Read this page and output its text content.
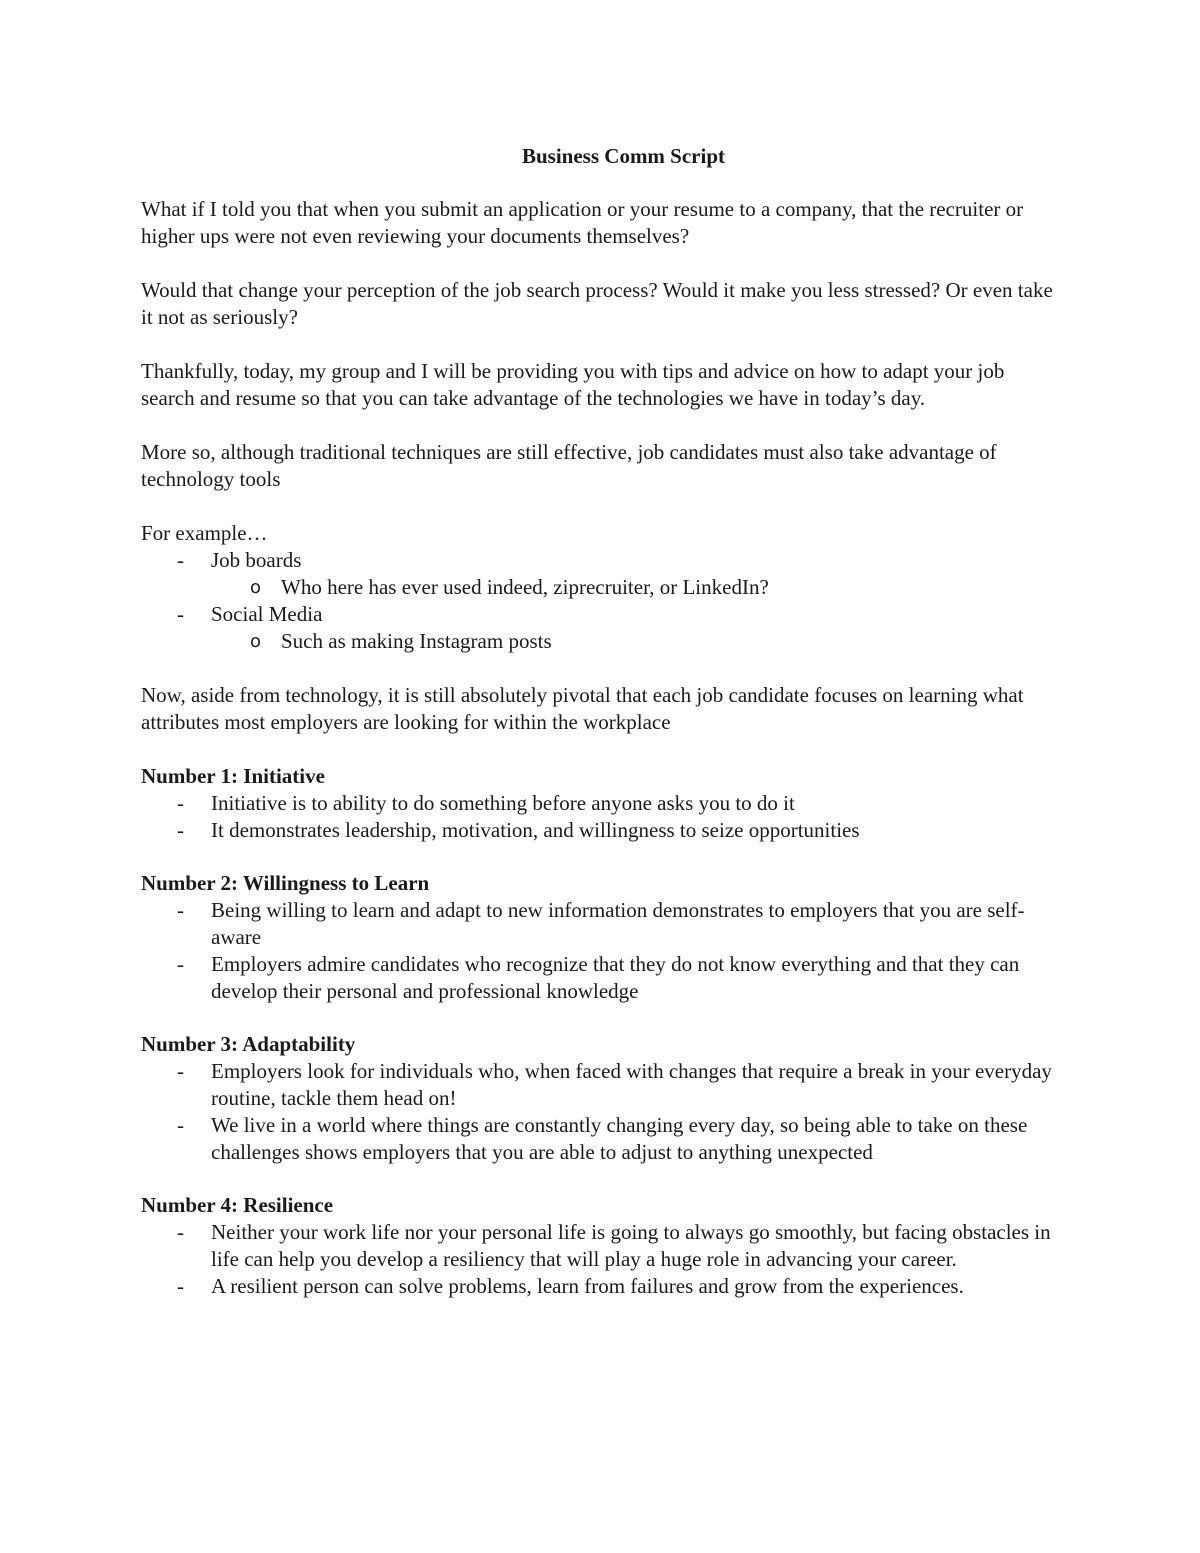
Business Comm Script

What if I told you that when you submit an application or your resume to a company, that the recruiter or higher ups were not even reviewing your documents themselves?

Would that change your perception of the job search process? Would it make you less stressed? Or even take it not as seriously?

Thankfully, today, my group and I will be providing you with tips and advice on how to adapt your job search and resume so that you can take advantage of the technologies we have in today’s day.

More so, although traditional techniques are still effective, job candidates must also take advantage of technology tools

For example…
- Job boards
o Who here has ever used indeed, ziprecruiter, or LinkedIn?
- Social Media
o Such as making Instagram posts

Now, aside from technology, it is still absolutely pivotal that each job candidate focuses on learning what attributes most employers are looking for within the workplace

Number 1: Initiative
- Initiative is to ability to do something before anyone asks you to do it
- It demonstrates leadership, motivation, and willingness to seize opportunities
Number 2: Willingness to Learn
- Being willing to learn and adapt to new information demonstrates to employers that you are self-aware
- Employers admire candidates who recognize that they do not know everything and that they can develop their personal and professional knowledge
Number 3: Adaptability
- Employers look for individuals who, when faced with changes that require a break in your everyday routine, tackle them head on!
- We live in a world where things are constantly changing every day, so being able to take on these challenges shows employers that you are able to adjust to anything unexpected
Number 4: Resilience
- Neither your work life nor your personal life is going to always go smoothly, but facing obstacles in life can help you develop a resiliency that will play a huge role in advancing your career.
- A resilient person can solve problems, learn from failures and grow from the experiences.
